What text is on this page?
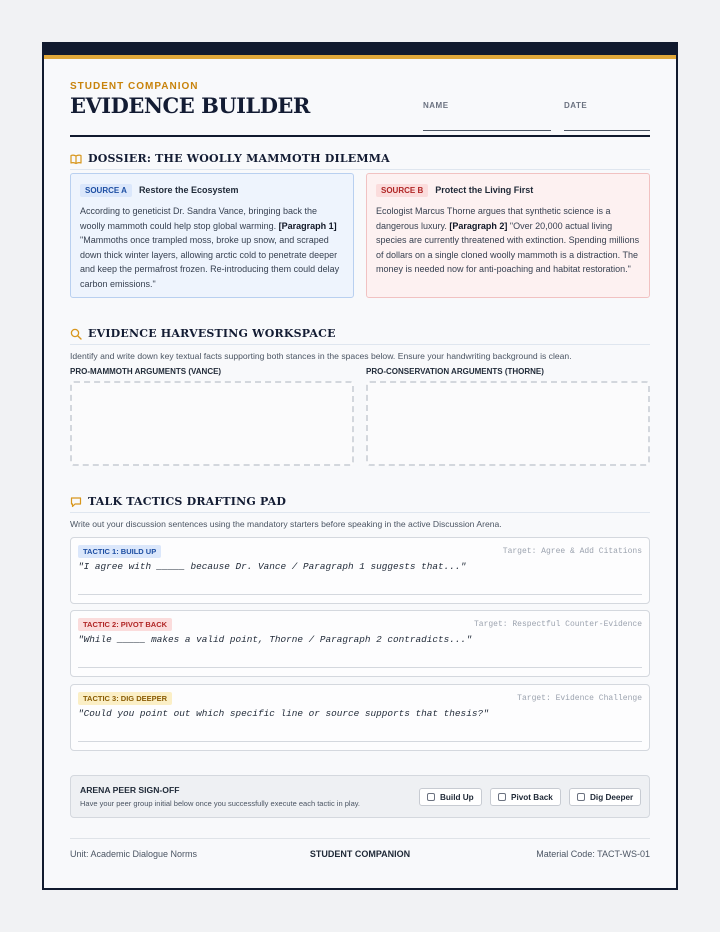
STUDENT COMPANION
EVIDENCE BUILDER	NAME	DATE
DOSSIER: THE WOOLLY MAMMOTH DILEMMA
SOURCE A	Restore the Ecosystem
According to geneticist Dr. Sandra Vance, bringing back the woolly mammoth could help stop global warming. [Paragraph 1] "Mammoths once trampled moss, broke up snow, and scraped down thick winter layers, allowing arctic cold to penetrate deeper and keep the permafrost frozen. Re-introducing them could delay carbon emissions."
SOURCE B	Protect the Living First
Ecologist Marcus Thorne argues that synthetic science is a dangerous luxury. [Paragraph 2] "Over 20,000 actual living species are currently threatened with extinction. Spending millions of dollars on a single cloned woolly mammoth is a distraction. The money is needed now for anti-poaching and habitat restoration."
EVIDENCE HARVESTING WORKSPACE
Identify and write down key textual facts supporting both stances in the spaces below. Ensure your handwriting background is clean.
PRO-MAMMOTH ARGUMENTS (VANCE)	PRO-CONSERVATION ARGUMENTS (THORNE)
TALK TACTICS DRAFTING PAD
Write out your discussion sentences using the mandatory starters before speaking in the active Discussion Arena.
TACTIC 1: BUILD UP	Target: Agree & Add Citations
"I agree with _____ because Dr. Vance / Paragraph 1 suggests that..."
TACTIC 2: PIVOT BACK	Target: Respectful Counter-Evidence
"While _____ makes a valid point, Thorne / Paragraph 2 contradicts..."
TACTIC 3: DIG DEEPER	Target: Evidence Challenge
"Could you point out which specific line or source supports that thesis?"
ARENA PEER SIGN-OFF
Have your peer group initial below once you successfully execute each tactic in play.
Build Up	Pivot Back	Dig Deeper
Unit: Academic Dialogue Norms	STUDENT COMPANION	Material Code: TACT-WS-01
